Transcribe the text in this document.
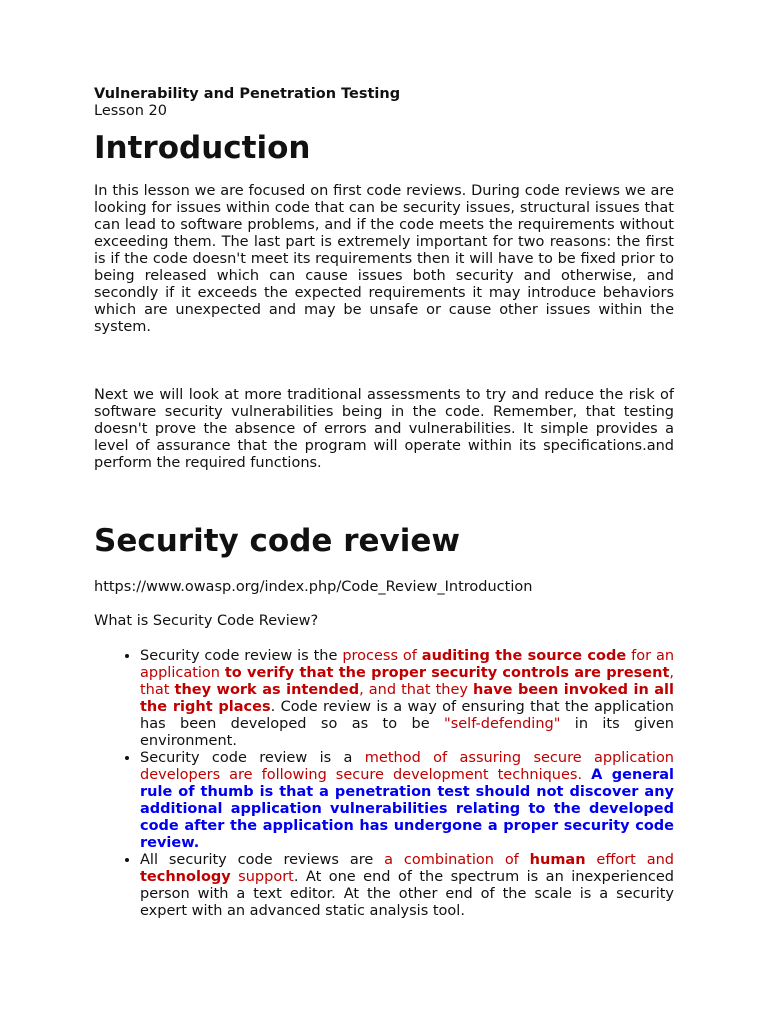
Vulnerability and Penetration Testing
Lesson 20
Introduction

In this lesson we are focused on first code reviews. During code reviews we are looking for issues within code that can be security issues, structural issues that can lead to software problems, and if the code meets the requirements without exceeding them. The last part is extremely important for two reasons: the first is if the code doesn't meet its requirements then it will have to be fixed prior to being released which can cause issues both security and otherwise, and secondly if it exceeds the expected requirements it may introduce behaviors which are unexpected and may be unsafe or cause other issues within the system.

Next we will look at more traditional assessments to try and reduce the risk of software security vulnerabilities being in the code. Remember, that testing doesn't prove the absence of errors and vulnerabilities. It simple provides a level of assurance that the program will operate within its specifications.and perform the required functions.

Security code review

https://www.owasp.org/index.php/Code_Review_Introduction

What is Security Code Review?

• Security code review is the process of auditing the source code for an application to verify that the proper security controls are present, that they work as intended, and that they have been invoked in all the right places. Code review is a way of ensuring that the application has been developed so as to be "self-defending" in its given environment.
• Security code review is a method of assuring secure application developers are following secure development techniques. A general rule of thumb is that a penetration test should not discover any additional application vulnerabilities relating to the developed code after the application has undergone a proper security code review.
• All security code reviews are a combination of human effort and technology support. At one end of the spectrum is an inexperienced person with a text editor. At the other end of the scale is a security expert with an advanced static analysis tool.
